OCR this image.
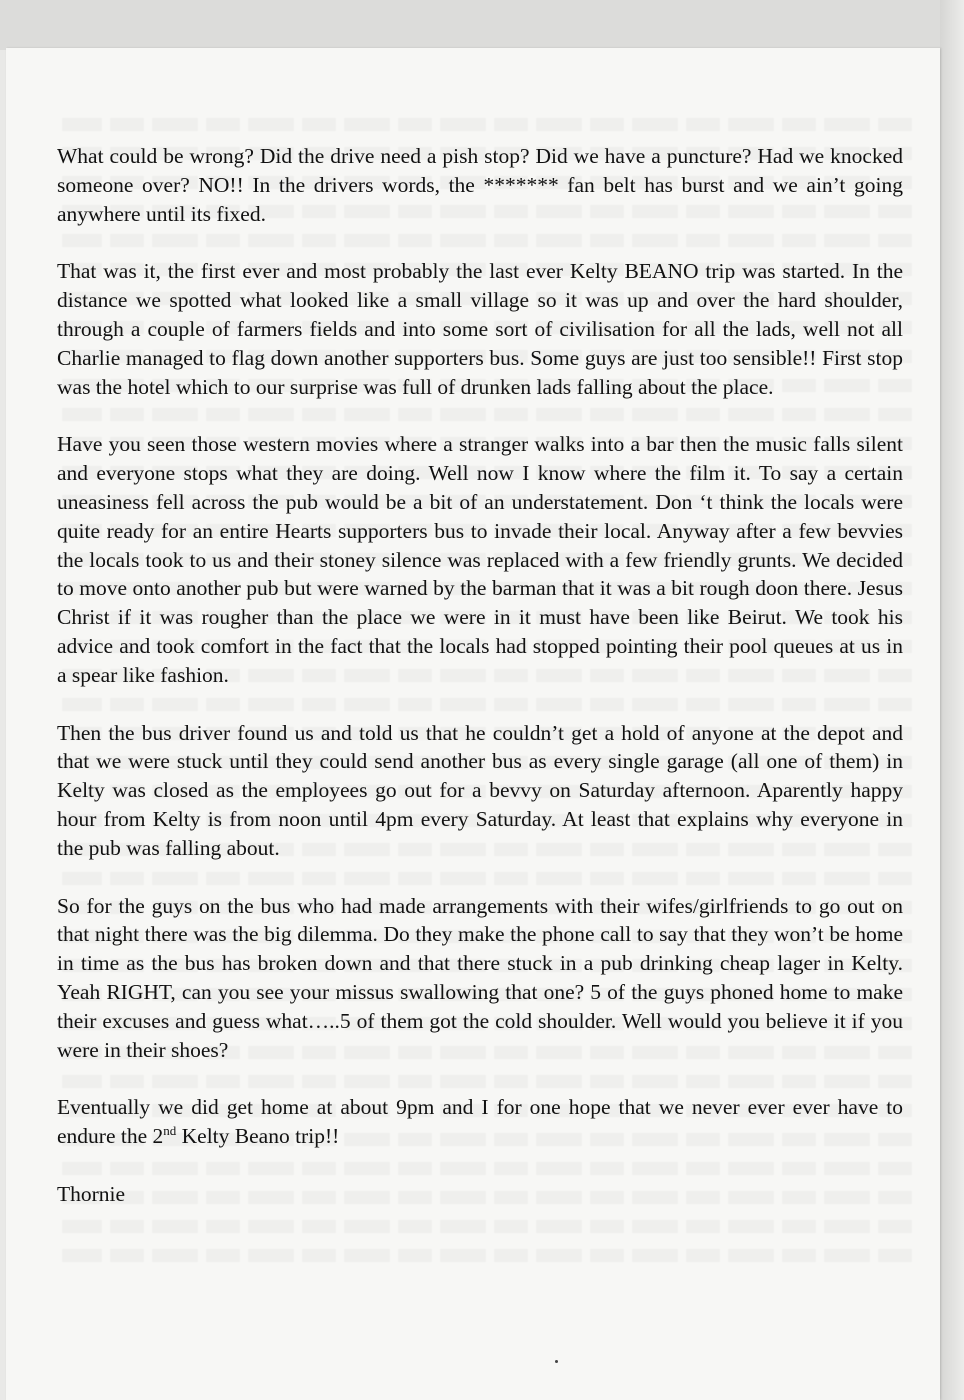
What could be wrong? Did the drive need a pish stop? Did we have a puncture? Had we knocked someone over? NO!! In the drivers words, the ******* fan belt has burst and we ain’t going anywhere until its fixed.

That was it, the first ever and most probably the last ever Kelty BEANO trip was started. In the distance we spotted what looked like a small village so it was up and over the hard shoulder, through a couple of farmers fields and into some sort of civilisation for all the lads, well not all Charlie managed to flag down another supporters bus. Some guys are just too sensible!! First stop was the hotel which to our surprise was full of drunken lads falling about the place.

Have you seen those western movies where a stranger walks into a bar then the music falls silent and everyone stops what they are doing. Well now I know where the film it. To say a certain uneasiness fell across the pub would be a bit of an understatement. Don ‘t think the locals were quite ready for an entire Hearts supporters bus to invade their local. Anyway after a few bevvies the locals took to us and their stoney silence was replaced with a few friendly grunts. We decided to move onto another pub but were warned by the barman that it was a bit rough doon there. Jesus Christ if it was rougher than the place we were in it must have been like Beirut. We took his advice and took comfort in the fact that the locals had stopped pointing their pool queues at us in a spear like fashion.

Then the bus driver found us and told us that he couldn’t get a hold of anyone at the depot and that we were stuck until they could send another bus as every single garage (all one of them) in Kelty was closed as the employees go out for a bevvy on Saturday afternoon. Aparently happy hour from Kelty is from noon until 4pm every Saturday. At least that explains why everyone in the pub was falling about.

So for the guys on the bus who had made arrangements with their wifes/girlfriends to go out on that night there was the big dilemma. Do they make the phone call to say that they won’t be home in time as the bus has broken down and that there stuck in a pub drinking cheap lager in Kelty. Yeah RIGHT, can you see your missus swallowing that one? 5 of the guys phoned home to make their excuses and guess what…..5 of them got the cold shoulder. Well would you believe it if you were in their shoes?

Eventually we did get home at about 9pm and I for one hope that we never ever ever have to endure the 2nd Kelty Beano trip!!

Thornie
